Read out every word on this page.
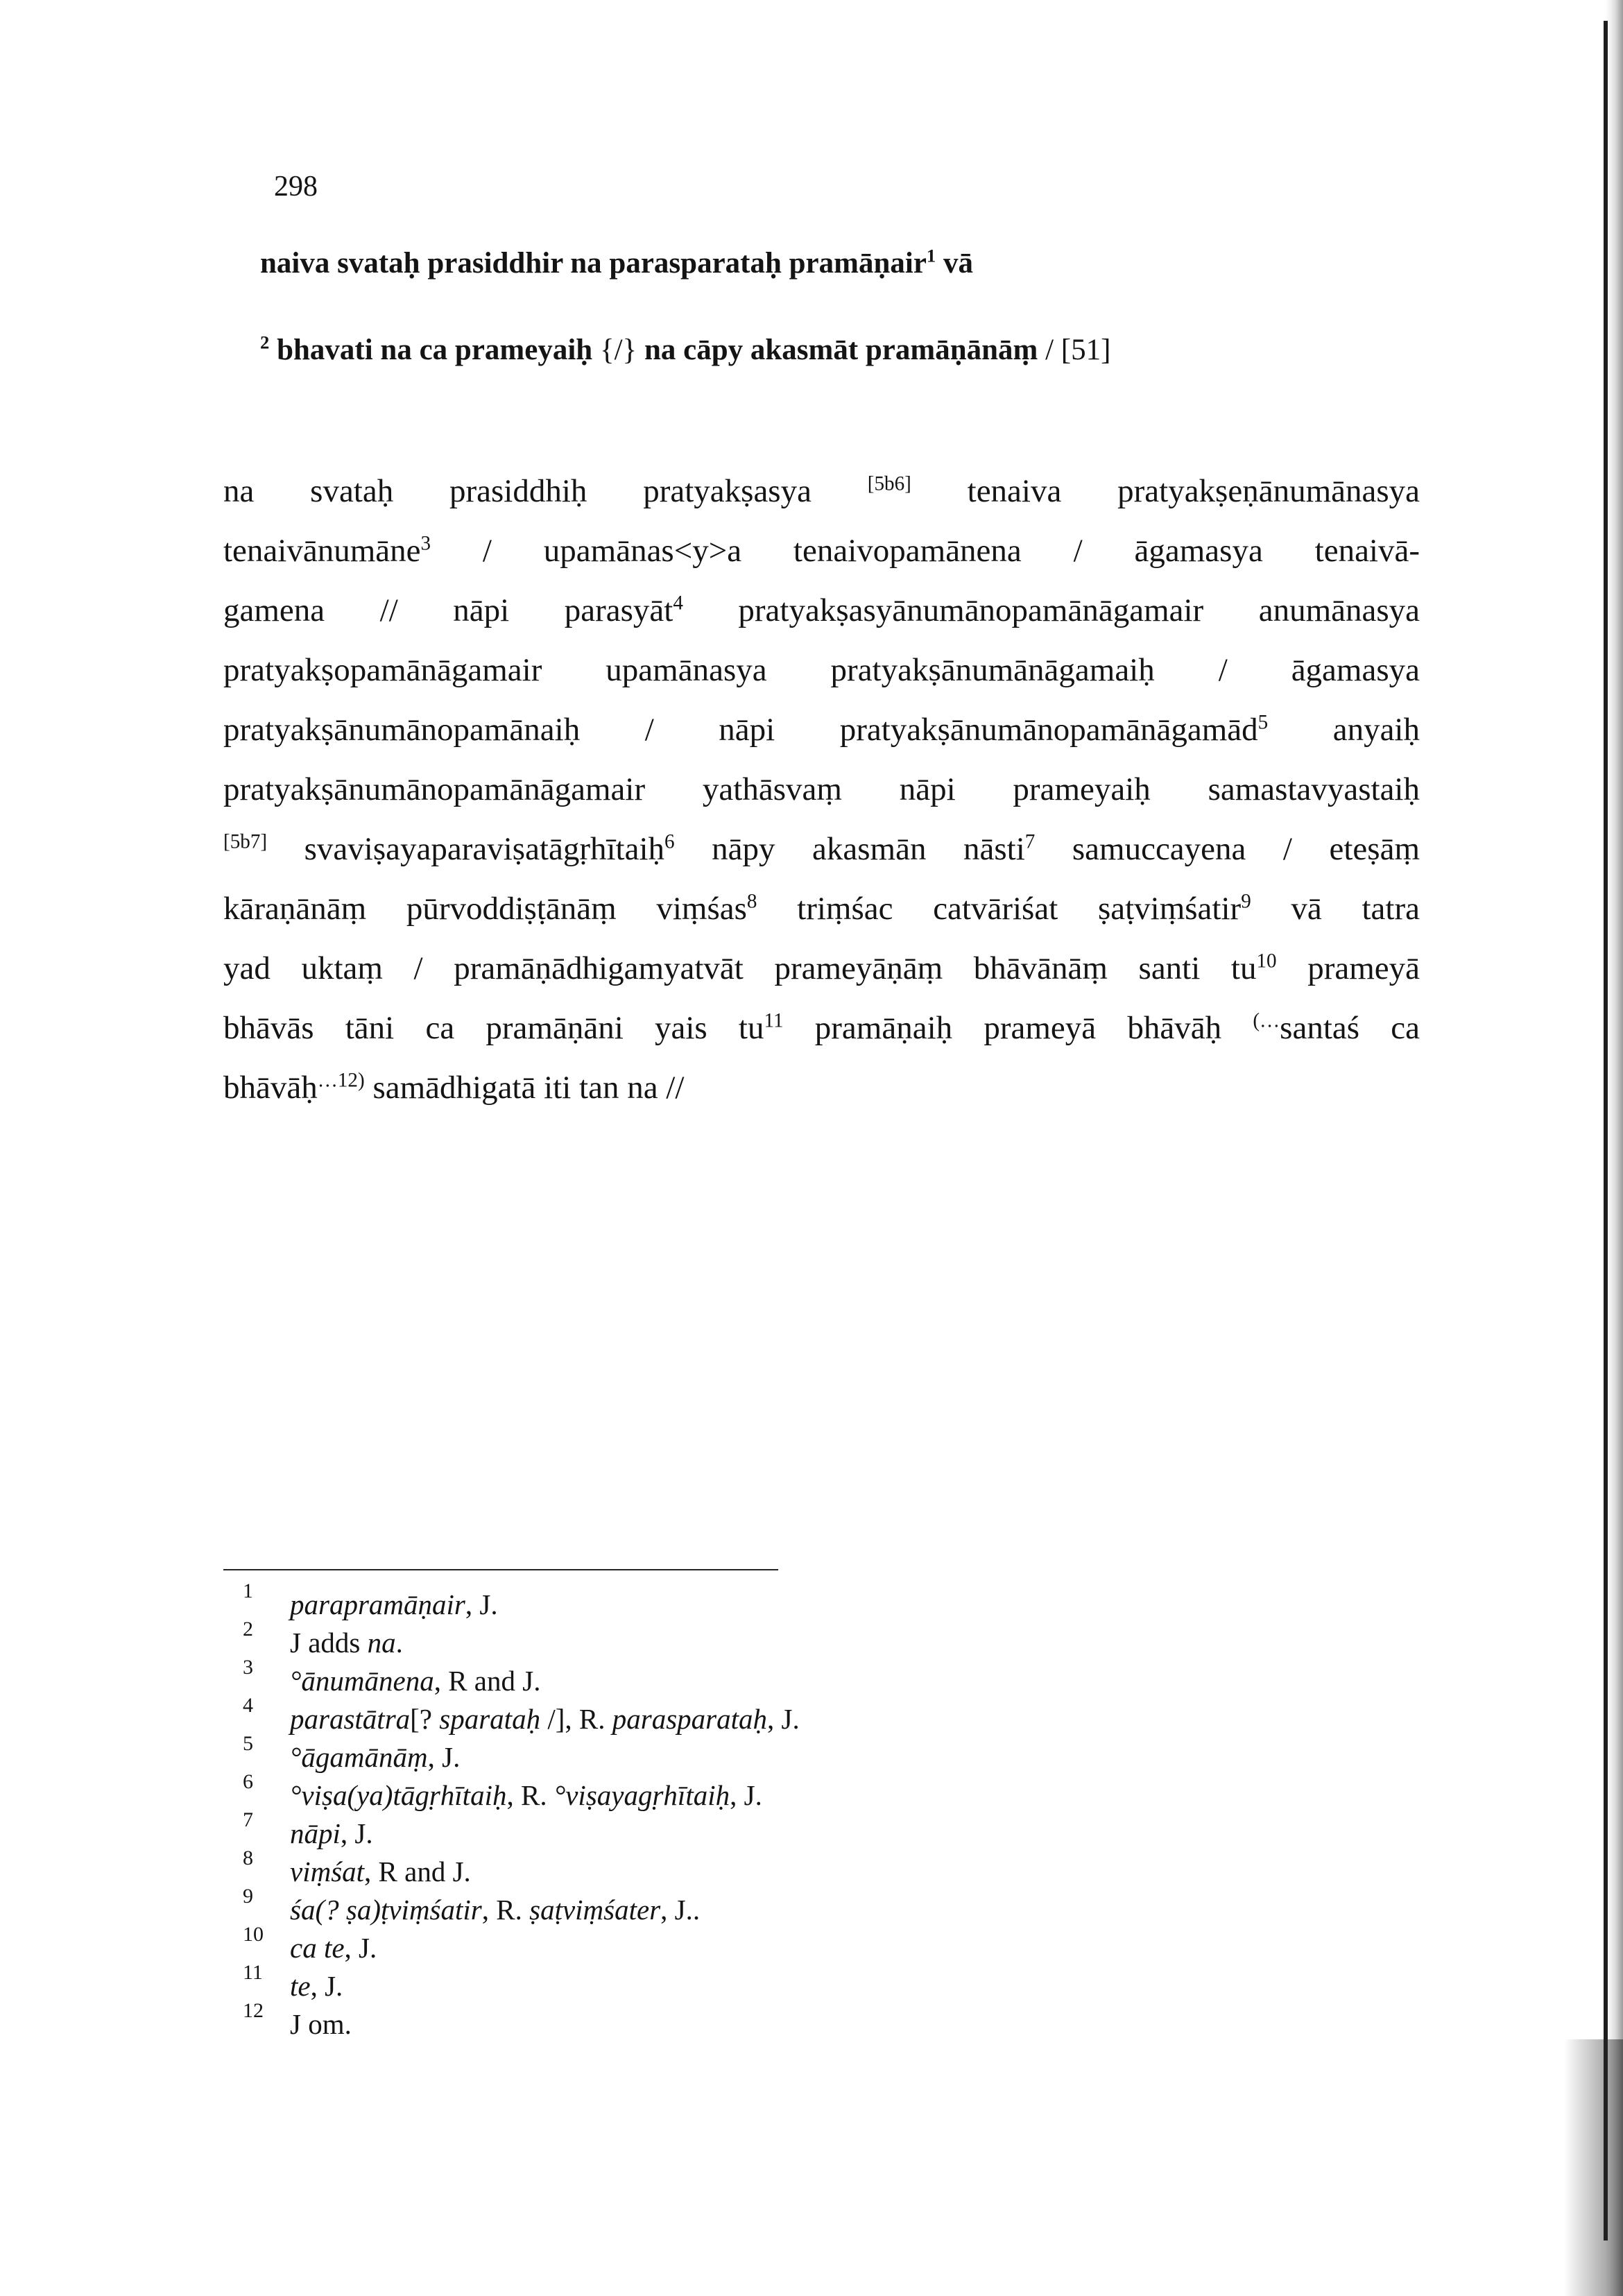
298
naiva svataḥ prasiddhir na parasparataḥ pramāṇair$^1$ vā
$^2$ bhavati na ca prameyaiḥ {/} na cāpy akasmāt pramāṇānāṃ / [51]
na svataḥ prasiddhiḥ pratyakṣasya [5b6] tenaiva pratyakṣeṇānumānasya
tenaivānumāne$^3$ / upamānas<y>a tenaivopamānena / āgamasya tenaivā-
gamena // nāpi parasyāt$^4$ pratyakṣasyānumānopamānāgamair anumānasya
pratyakṣopamānāgamair upamānasya pratyakṣānumānāgamaiḥ / āgamasya
pratyakṣānumānopamānaiḥ / nāpi pratyakṣānumānopamānāgamād$^5$ anyaiḥ
pratyakṣānumānopamānāgamair yathāsvaṃ nāpi prameyaiḥ samastavyastaiḥ
[5b7] svaviṣayaparaviṣatāgṛhītaiḥ$^6$ nāpy akasmān nāsti$^7$ samuccayena / eteṣāṃ
kāraṇānāṃ pūrvoddiṣṭānāṃ viṃśas$^8$ triṃśac catvāriśat ṣaṭviṃśatir$^9$ vā tatra
yad uktaṃ / pramāṇādhigamyatvāt prameyāṇāṃ bhāvānāṃ santi $tu^{10}$ prameyā
bhāvās tāni ca pramāṇāni yais $tu^{11}$ pramāṇaiḥ prameyā bhāvāḥ (…santaś ca
bhāvāḥ$^{\dots 12)}$ samādhigatā iti tan na //
1	parapramāṇair, J.
2	J adds na.
3	°ānumānena, R and J.
4	parastātra[? sparataḥ /], R. parasparataḥ, J.
5	°āgamānāṃ, J.
6	°viṣa(ya)tāgṛhītaiḥ, R. °viṣayagṛhītaiḥ, J.
7	nāpi, J.
8	viṃśat, R and J.
9	śa(? ṣa)ṭviṃśatir, R. ṣaṭviṃśater, J..
10 ca te, J.
11 te, J.
12 J om.
